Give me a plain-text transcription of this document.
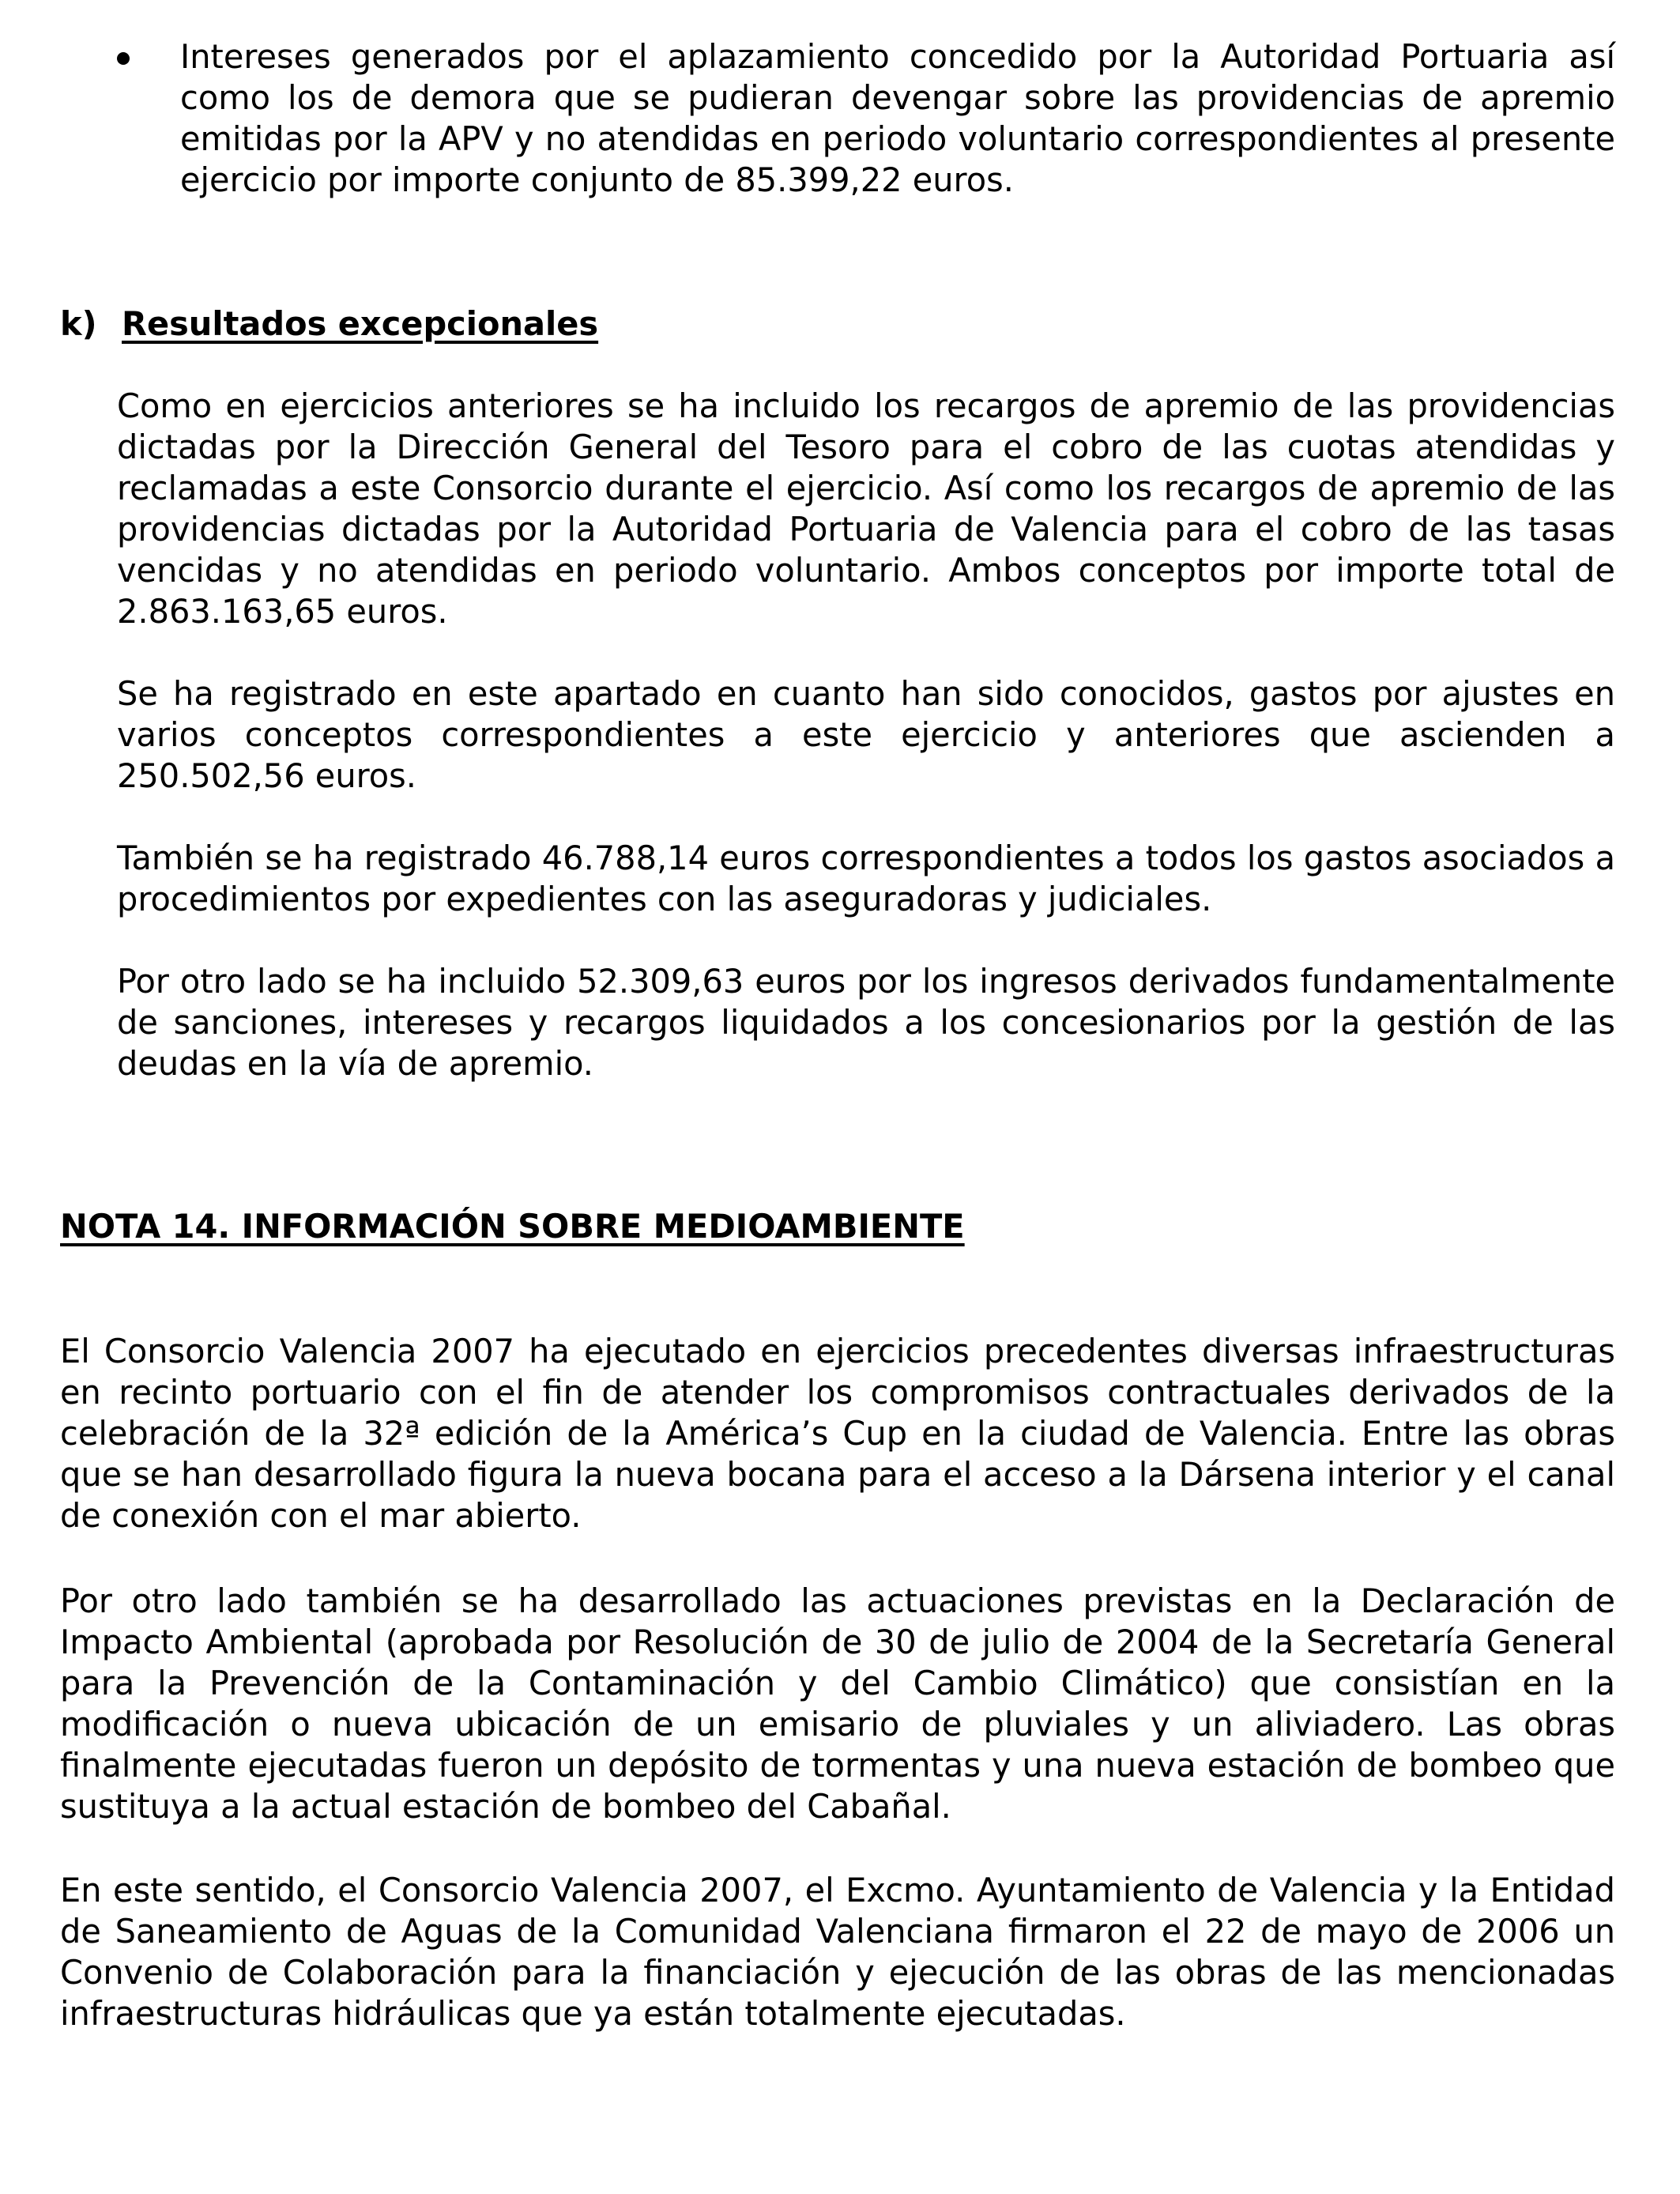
Intereses generados por el aplazamiento concedido por la Autoridad Portuaria así como los de demora que se pudieran devengar sobre las providencias de apremio emitidas por la APV y no atendidas en periodo voluntario correspondientes al presente ejercicio por importe conjunto de 85.399,22 euros.

k) Resultados excepcionales

Como en ejercicios anteriores se ha incluido los recargos de apremio de las providencias dictadas por la Dirección General del Tesoro para el cobro de las cuotas atendidas y reclamadas a este Consorcio durante el ejercicio. Así como los recargos de apremio de las providencias dictadas por la Autoridad Portuaria de Valencia para el cobro de las tasas vencidas y no atendidas en periodo voluntario. Ambos conceptos por importe total de 2.863.163,65 euros.

Se ha registrado en este apartado en cuanto han sido conocidos, gastos por ajustes en varios conceptos correspondientes a este ejercicio y anteriores que ascienden a 250.502,56 euros.

También se ha registrado 46.788,14 euros correspondientes a todos los gastos asociados a procedimientos por expedientes con las aseguradoras y judiciales.

Por otro lado se ha incluido 52.309,63 euros por los ingresos derivados fundamentalmente de sanciones, intereses y recargos liquidados a los concesionarios por la gestión de las deudas en la vía de apremio.

NOTA 14. INFORMACIÓN SOBRE MEDIOAMBIENTE

El Consorcio Valencia 2007 ha ejecutado en ejercicios precedentes diversas infraestructuras en recinto portuario con el fin de atender los compromisos contractuales derivados de la celebración de la 32ª edición de la América’s Cup en la ciudad de Valencia. Entre las obras que se han desarrollado figura la nueva bocana para el acceso a la Dársena interior y el canal de conexión con el mar abierto.

Por otro lado también se ha desarrollado las actuaciones previstas en la Declaración de Impacto Ambiental (aprobada por Resolución de 30 de julio de 2004 de la Secretaría General para la Prevención de la Contaminación y del Cambio Climático) que consistían en la modificación o nueva ubicación de un emisario de pluviales y un aliviadero. Las obras finalmente ejecutadas fueron un depósito de tormentas y una nueva estación de bombeo que sustituya a la actual estación de bombeo del Cabañal.

En este sentido, el Consorcio Valencia 2007, el Excmo. Ayuntamiento de Valencia y la Entidad de Saneamiento de Aguas de la Comunidad Valenciana firmaron el 22 de mayo de 2006 un Convenio de Colaboración para la financiación y ejecución de las obras de las mencionadas infraestructuras hidráulicas que ya están totalmente ejecutadas.
